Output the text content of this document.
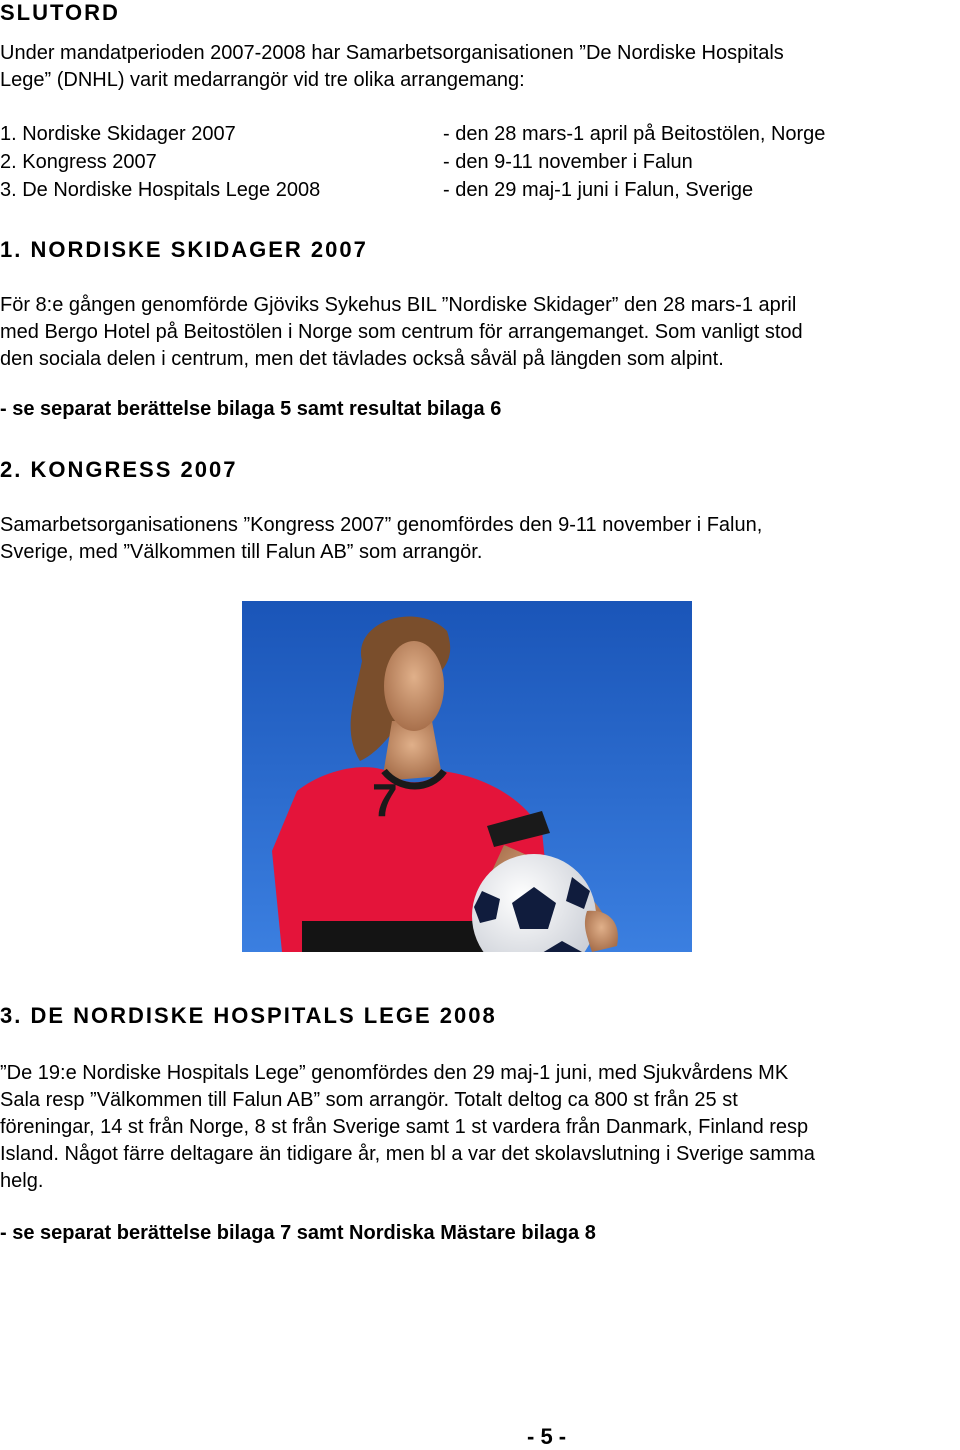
SLUTORD

Under mandatperioden 2007-2008 har Samarbetsorganisationen ”De Nordiske Hospitals
Lege” (DNHL) varit medarrangör vid tre olika arrangemang:

1. Nordiske Skidager 2007	- den 28 mars-1 april på Beitostölen, Norge
2. Kongress 2007	- den 9-11 november i Falun
3. De Nordiske Hospitals Lege 2008	- den 29 maj-1 juni i Falun, Sverige
1. NORDISKE SKIDAGER 2007

För 8:e gången genomförde Gjöviks Sykehus BIL ”Nordiske Skidager” den 28 mars-1 april
med Bergo Hotel på Beitostölen i Norge som centrum för arrangemanget. Som vanligt stod
den sociala delen i centrum, men det tävlades också såväl på längden som alpint.

- se separat berättelse bilaga 5 samt resultat bilaga 6

2. KONGRESS 2007

Samarbetsorganisationens ”Kongress 2007” genomfördes den 9-11 november i Falun,
Sverige, med ”Välkommen till Falun AB” som arrangör.

7
3. DE NORDISKE HOSPITALS LEGE 2008

”De 19:e Nordiske Hospitals Lege” genomfördes den 29 maj-1 juni, med Sjukvårdens MK
Sala resp ”Välkommen till Falun AB” som arrangör. Totalt deltog ca 800 st från 25 st
föreningar, 14 st från Norge, 8 st från Sverige samt 1 st vardera från Danmark, Finland resp
Island. Något färre deltagare än tidigare år, men bl a var det skolavslutning i Sverige samma
helg.

- se separat berättelse bilaga 7 samt Nordiska Mästare bilaga 8

- 5 -
